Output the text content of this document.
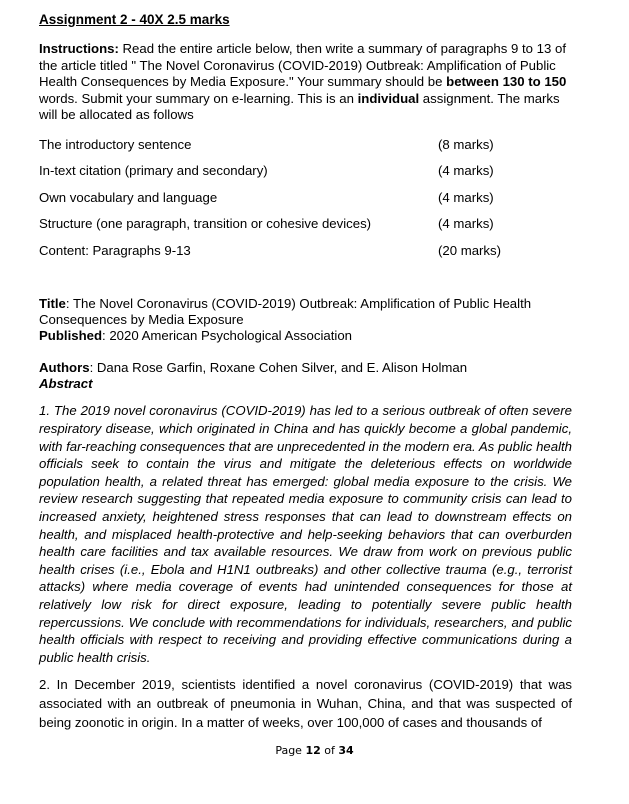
Assignment 2 - 40X 2.5 marks

Instructions: Read the entire article below, then write a summary of paragraphs 9 to 13 of the article titled " The Novel Coronavirus (COVID-2019) Outbreak: Amplification of Public Health Consequences by Media Exposure." Your summary should be between 130 to 150 words. Submit your summary on e-learning. This is an individual assignment. The marks will be allocated as follows

The introductory sentence	(8 marks)
In-text citation (primary and secondary)	(4 marks)
Own vocabulary and language	(4 marks)
Structure (one paragraph, transition or cohesive devices)	(4 marks)
Content: Paragraphs 9-13	(20 marks)

Title: The Novel Coronavirus (COVID-2019) Outbreak: Amplification of Public Health Consequences by Media Exposure

Published: 2020 American Psychological Association

Authors: Dana Rose Garfin, Roxane Cohen Silver, and E. Alison Holman

Abstract

1. The 2019 novel coronavirus (COVID-2019) has led to a serious outbreak of often severe respiratory disease, which originated in China and has quickly become a global pandemic, with far-reaching consequences that are unprecedented in the modern era. As public health officials seek to contain the virus and mitigate the deleterious effects on worldwide population health, a related threat has emerged: global media exposure to the crisis. We review research suggesting that repeated media exposure to community crisis can lead to increased anxiety, heightened stress responses that can lead to downstream effects on health, and misplaced health-protective and help-seeking behaviors that can overburden health care facilities and tax available resources. We draw from work on previous public health crises (i.e., Ebola and H1N1 outbreaks) and other collective trauma (e.g., terrorist attacks) where media coverage of events had unintended consequences for those at relatively low risk for direct exposure, leading to potentially severe public health repercussions. We conclude with recommendations for individuals, researchers, and public health officials with respect to receiving and providing effective communications during a public health crisis.

2. In December 2019, scientists identified a novel coronavirus (COVID-2019) that was associated with an outbreak of pneumonia in Wuhan, China, and that was suspected of being zoonotic in origin. In a matter of weeks, over 100,000 of cases and thousands of

Page 12 of 34
